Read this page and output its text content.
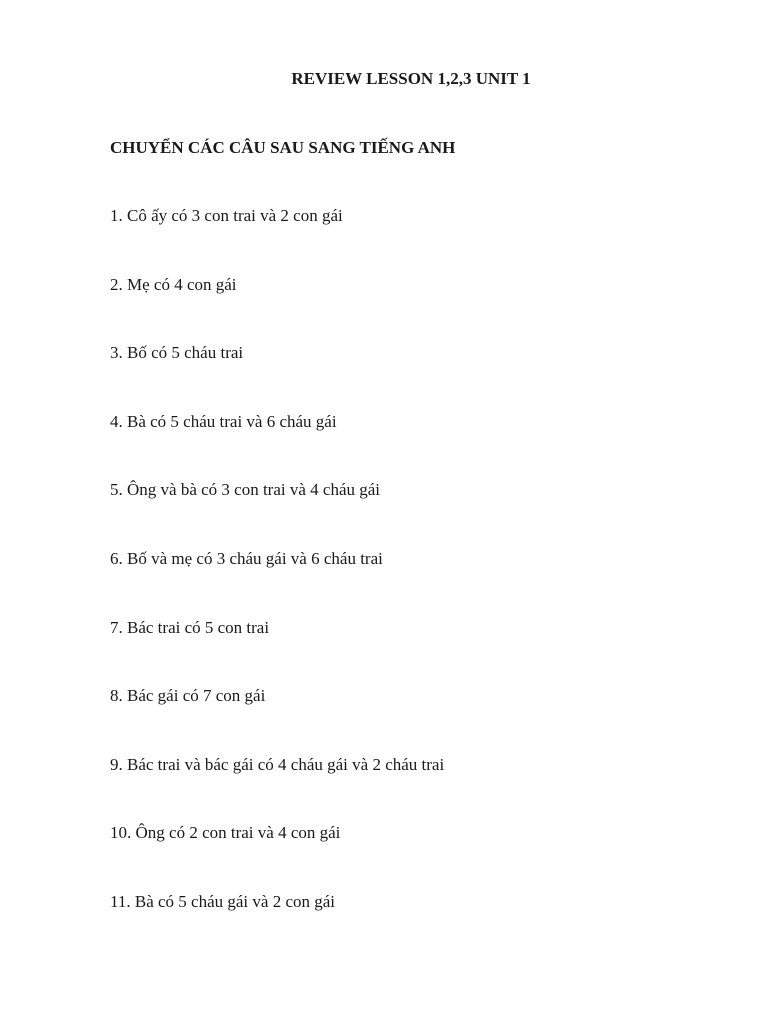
REVIEW LESSON 1,2,3 UNIT 1
CHUYỂN CÁC CÂU SAU SANG TIẾNG ANH
1. Cô ấy có 3 con trai và 2 con gái
2. Mẹ có 4 con gái
3. Bố có 5 cháu trai
4. Bà có 5 cháu trai và 6 cháu gái
5. Ông và bà có 3 con trai và 4 cháu gái
6. Bố và mẹ có 3 cháu gái và 6 cháu trai
7. Bác trai có 5 con trai
8. Bác gái có 7 con gái
9. Bác trai và bác gái có 4 cháu gái và 2 cháu trai
10. Ông có 2 con trai và 4 con gái
11. Bà có 5 cháu gái và 2 con gái
